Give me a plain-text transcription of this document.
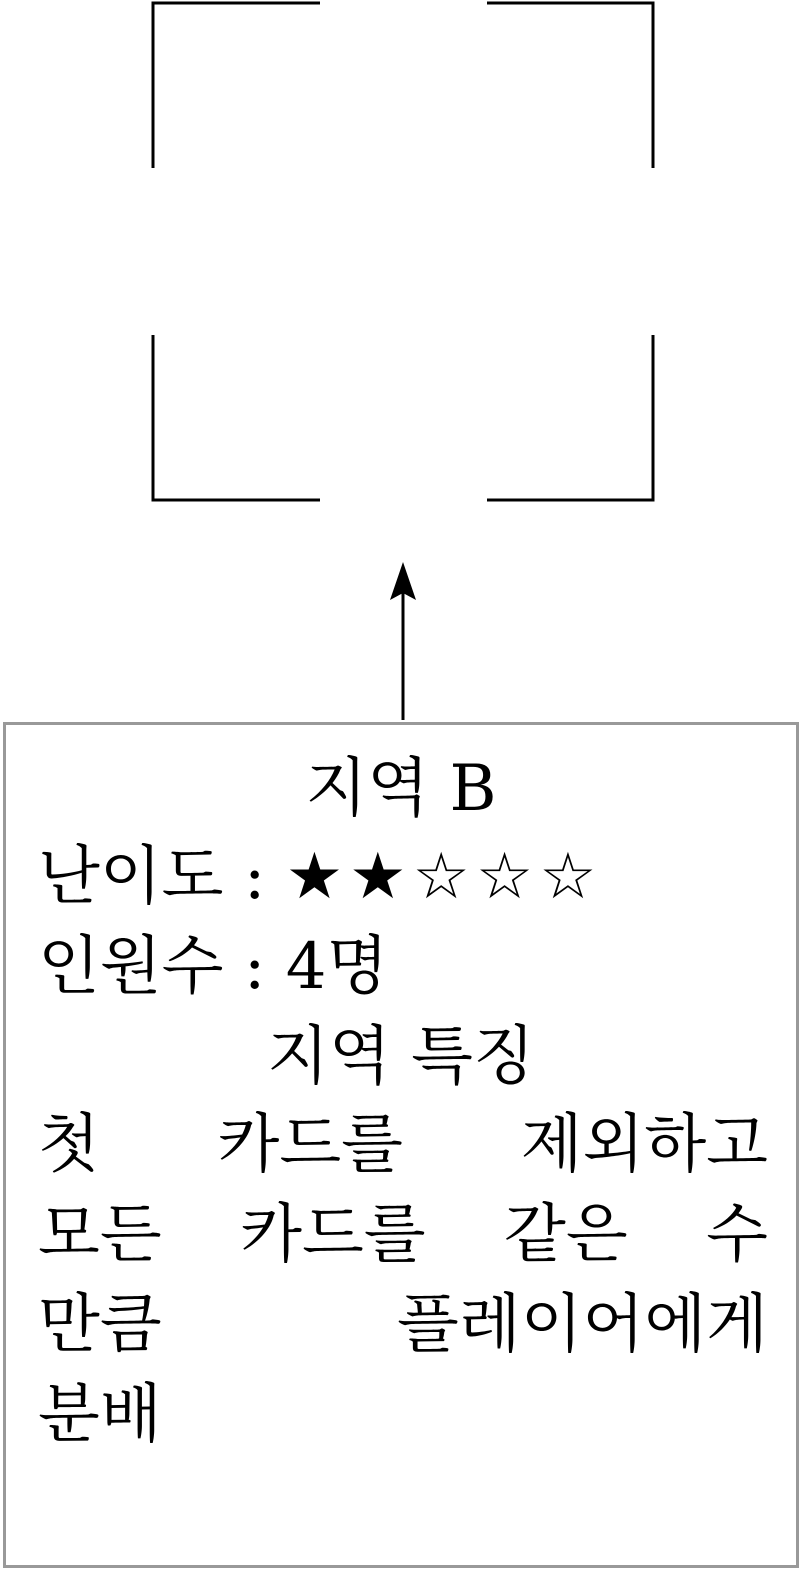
지역 B
난이도 : ★★☆☆☆
인원수 : 4명
지역 특징
첫 카드를 제외하고
모든 카드를 같은 수
만큼 플레이어에게
분배
